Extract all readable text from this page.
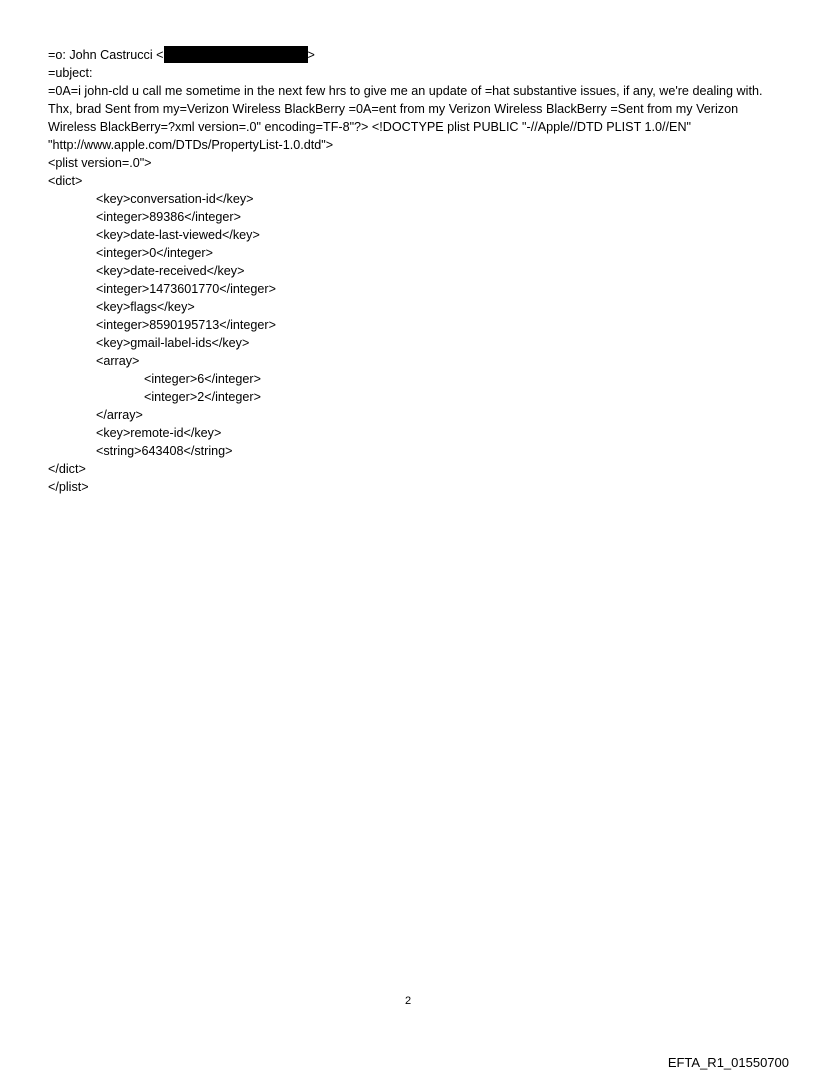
=o: John Castrucci <	>
=ubject:
=0A=i john-cld u call me sometime in the next few hrs to give me an update of =hat substantive issues, if any, we're dealing with. Thx, brad Sent from my=Verizon Wireless BlackBerry =0A=ent from my Verizon Wireless BlackBerry =Sent from my Verizon Wireless BlackBerry=?xml version=.0" encoding=TF-8"?> <!DOCTYPE plist PUBLIC "-//Apple//DTD PLIST 1.0//EN" "http://www.apple.com/DTDs/PropertyList-1.0.dtd">
<plist version=.0">
<dict>
<key>conversation-id</key>
<integer>89386</integer>
<key>date-last-viewed</key>
<integer>0</integer>
<key>date-received</key>
<integer>1473601770</integer>
<key>flags</key>
<integer>8590195713</integer>
<key>gmail-label-ids</key>
<array>
<integer>6</integer>
<integer>2</integer>
</array>
<key>remote-id</key>
<string>643408</string>
</dict>
</plist>
2
EFTA_R1_01550700
